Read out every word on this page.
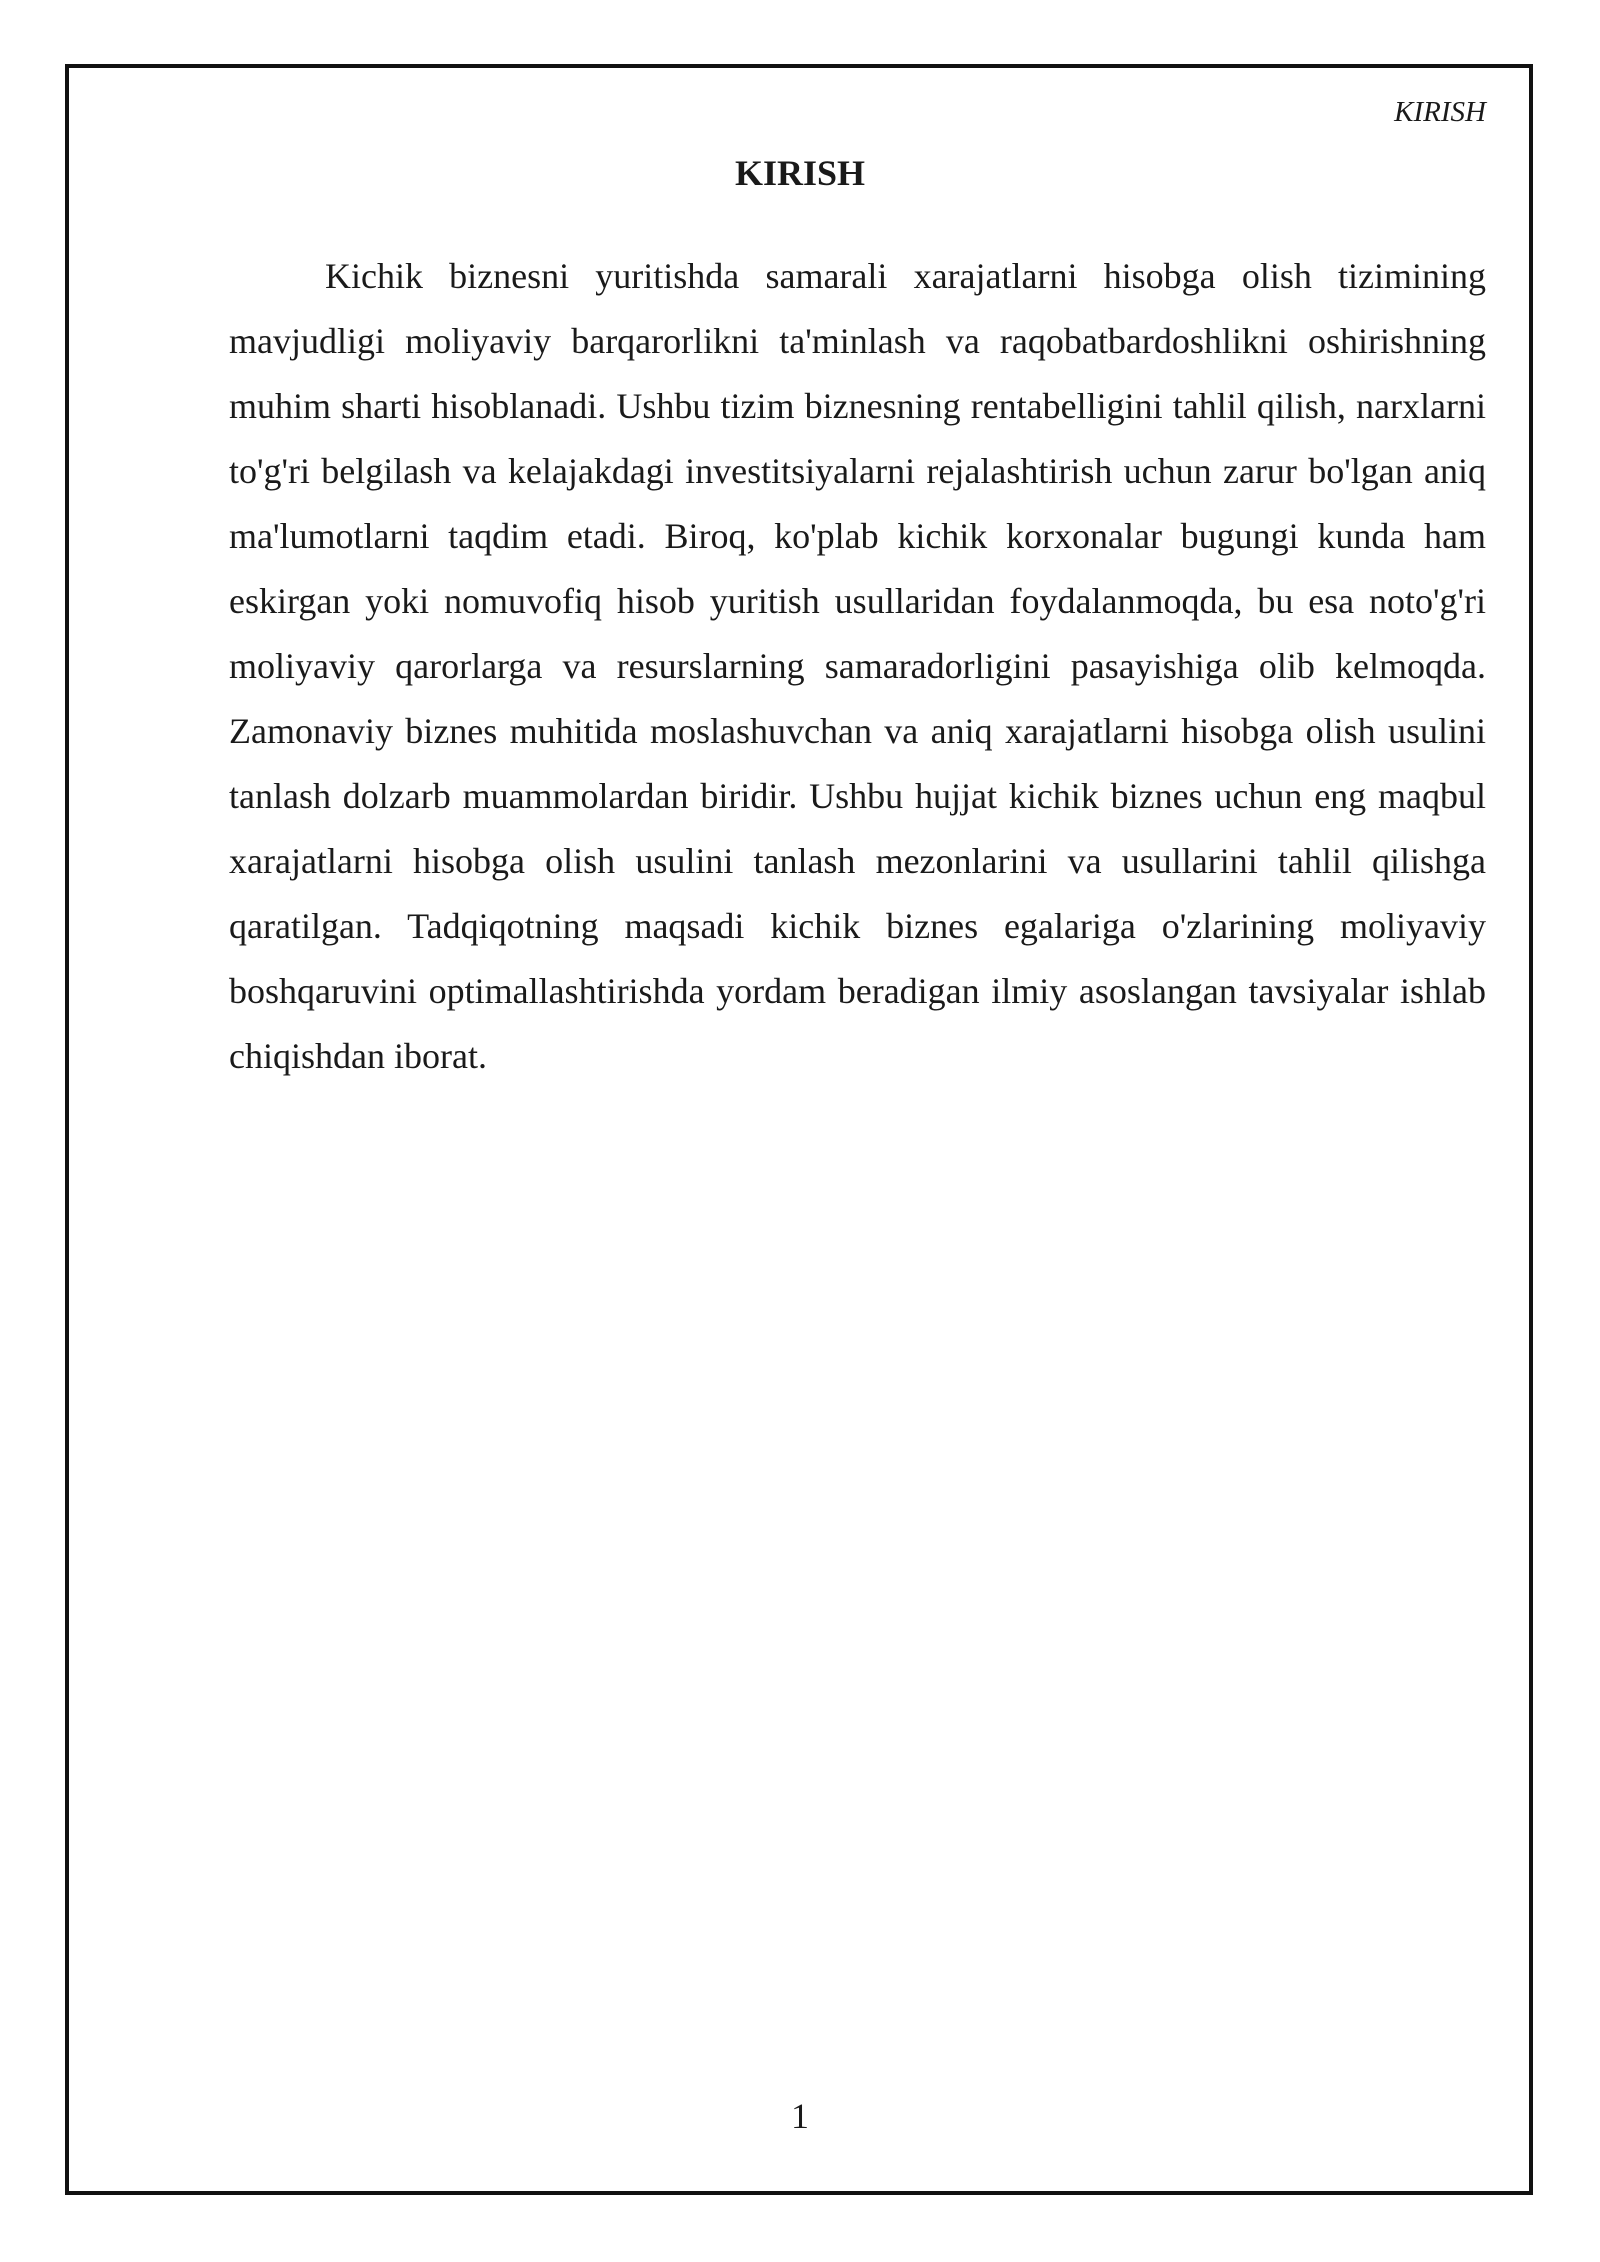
KIRISH
KIRISH

Kichik biznesni yuritishda samarali xarajatlarni hisobga olish tizimining mavjudligi moliyaviy barqarorlikni ta'minlash va raqobatbardoshlikni oshirishning muhim sharti hisoblanadi. Ushbu tizim biznesning rentabelligini tahlil qilish, narxlarni to'g'ri belgilash va kelajakdagi investitsiyalarni rejalashtirish uchun zarur bo'lgan aniq ma'lumotlarni taqdim etadi. Biroq, ko'plab kichik korxonalar bugungi kunda ham eskirgan yoki nomuvofiq hisob yuritish usullaridan foydalanmoqda, bu esa noto'g'ri moliyaviy qarorlarga va resurslarning samaradorligini pasayishiga olib kelmoqda. Zamonaviy biznes muhitida moslashuvchan va aniq xarajatlarni hisobga olish usulini tanlash dolzarb muammolardan biridir. Ushbu hujjat kichik biznes uchun eng maqbul xarajatlarni hisobga olish usulini tanlash mezonlarini va usullarini tahlil qilishga qaratilgan. Tadqiqotning maqsadi kichik biznes egalariga o'zlarining moliyaviy boshqaruvini optimallashtirishda yordam beradigan ilmiy asoslangan tavsiyalar ishlab chiqishdan iborat.

1
